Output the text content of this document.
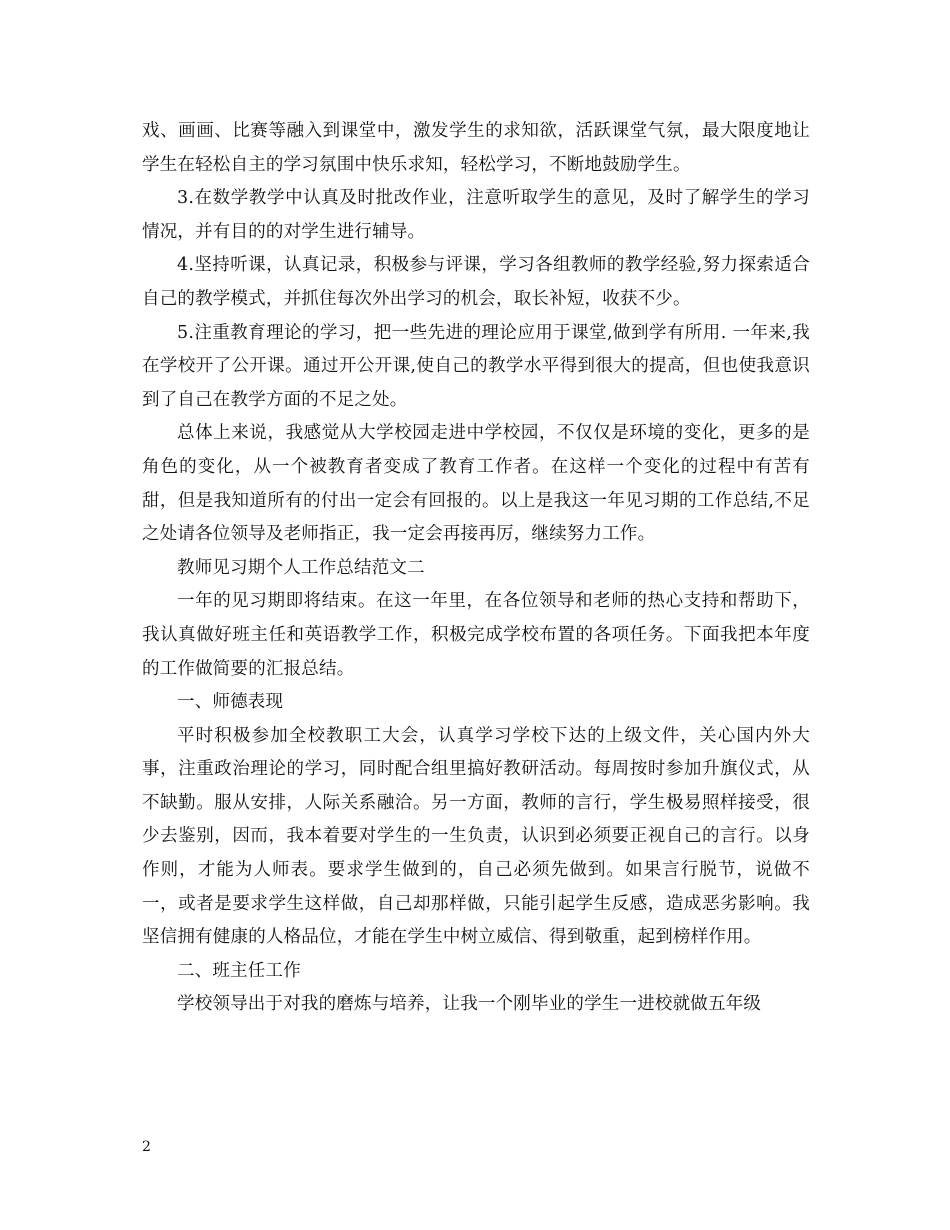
戏、画画、比赛等融入到课堂中，激发学生的求知欲，活跃课堂气氛，最大限度地让学生在轻松自主的学习氛围中快乐求知，轻松学习，不断地鼓励学生。

3.在数学教学中认真及时批改作业，注意听取学生的意见，及时了解学生的学习情况，并有目的的对学生进行辅导。

4.坚持听课，认真记录，积极参与评课，学习各组教师的教学经验,努力探索适合自己的教学模式，并抓住每次外出学习的机会，取长补短，收获不少。

5.注重教育理论的学习，把一些先进的理论应用于课堂,做到学有所用. 一年来,我在学校开了公开课。通过开公开课,使自己的教学水平得到很大的提高，但也使我意识到了自己在教学方面的不足之处。

总体上来说，我感觉从大学校园走进中学校园，不仅仅是环境的变化，更多的是角色的变化，从一个被教育者变成了教育工作者。在这样一个变化的过程中有苦有甜，但是我知道所有的付出一定会有回报的。以上是我这一年见习期的工作总结,不足之处请各位领导及老师指正，我一定会再接再厉，继续努力工作。

教师见习期个人工作总结范文二

一年的见习期即将结束。在这一年里，在各位领导和老师的热心支持和帮助下，我认真做好班主任和英语教学工作，积极完成学校布置的各项任务。下面我把本年度的工作做简要的汇报总结。

一、师德表现

平时积极参加全校教职工大会，认真学习学校下达的上级文件，关心国内外大事，注重政治理论的学习，同时配合组里搞好教研活动。每周按时参加升旗仪式，从不缺勤。服从安排，人际关系融洽。另一方面，教师的言行，学生极易照样接受，很少去鉴别，因而，我本着要对学生的一生负责，认识到必须要正视自己的言行。以身作则，才能为人师表。要求学生做到的，自己必须先做到。如果言行脱节，说做不一，或者是要求学生这样做，自己却那样做，只能引起学生反感，造成恶劣影响。我坚信拥有健康的人格品位，才能在学生中树立威信、得到敬重，起到榜样作用。

二、班主任工作

学校领导出于对我的磨炼与培养，让我一个刚毕业的学生一进校就做五年级

2
